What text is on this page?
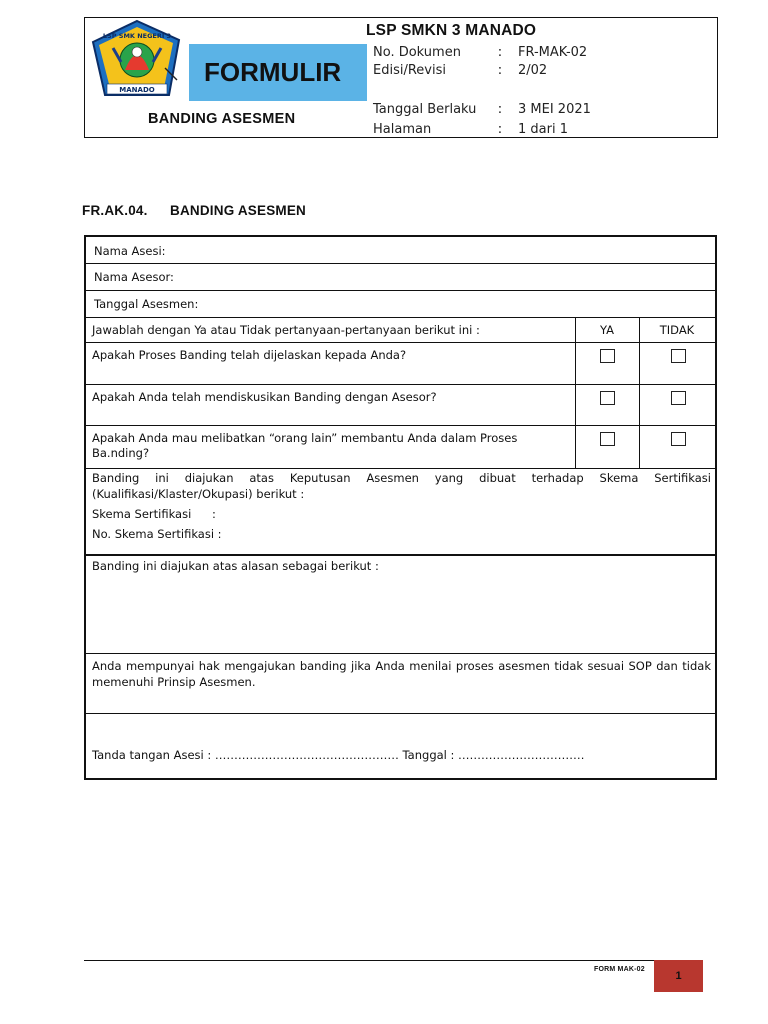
LSP SMK NEGERI 3
MANADO
LSP SMKN 3 MANADO
FORMULIR
BANDING ASESMEN
No. Dokumen	:	FR-MAK-02
Edisi/Revisi	:	2/02
Tanggal Berlaku	:	3 MEI 2021
Halaman	:	1 dari 1
FR.AK.04. BANDING ASESMEN
Nama Asesi:
Nama Asesor:
Tanggal Asesmen:
Jawablah dengan Ya atau Tidak pertanyaan-pertanyaan berikut ini :	YA	TIDAK
Apakah Proses Banding telah dijelaskan kepada Anda?
Apakah Anda telah mendiskusikan Banding dengan Asesor?
Apakah Anda mau melibatkan “orang lain” membantu Anda dalam Proses
Ba.nding?
Banding ini diajukan atas Keputusan Asesmen yang dibuat terhadap Skema Sertifikasi
(Kualifikasi/Klaster/Okupasi) berikut :
Skema Sertifikasi :
No. Skema Sertifikasi :
Banding ini diajukan atas alasan sebagai berikut :
Anda mempunyai hak mengajukan banding jika Anda menilai proses asesmen tidak sesuai SOP dan tidak
memenuhi Prinsip Asesmen.
Tanda tangan Asesi : ………………………………………… Tanggal : ……………………………
FORM MAK-02
1
